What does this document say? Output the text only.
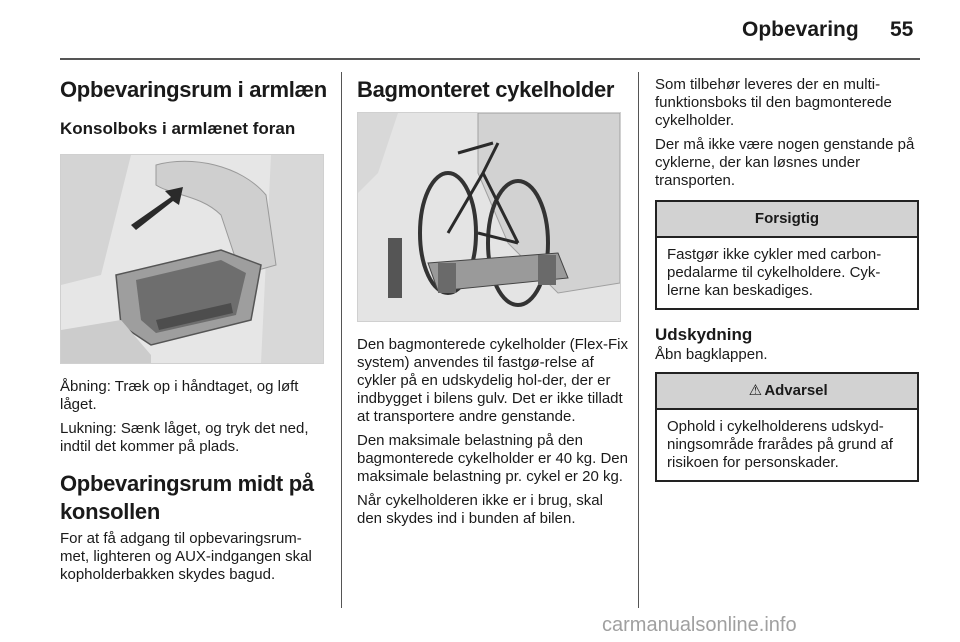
Opbevaring 55
Opbevaringsrum i armlæn
Konsolboks i armlænet foran

Åbning: Træk op i håndtaget, og løft låget.

Lukning: Sænk låget, og tryk det ned, indtil det kommer på plads.

Opbevaringsrum midt på konsollen

For at få adgang til opbevaringsrum-met, lighteren og AUX-indgangen skal kopholderbakken skydes bagud.

Bagmonteret cykelholder

Den bagmonterede cykelholder (Flex-Fix system) anvendes til fastgø-relse af cykler på en udskydelig hol-der, der er indbygget i bilens gulv. Det er ikke tilladt at transportere andre genstande.

Den maksimale belastning på den bagmonterede cykelholder er 40 kg. Den maksimale belastning pr. cykel er 20 kg.

Når cykelholderen ikke er i brug, skal den skydes ind i bunden af bilen.

Som tilbehør leveres der en multi-funktionsboks til den bagmonterede cykelholder.

Der må ikke være nogen genstande på cyklerne, der kan løsnes under transporten.

Forsigtig
Fastgør ikke cykler med carbon-pedalarme til cykelholdere. Cyk-lerne kan beskadiges.
Udskydning

Åbn bagklappen.

⚠ Advarsel
Ophold i cykelholderens udskyd-ningsområde frarådes på grund af risikoen for personskader.
carmanualsonline.info
